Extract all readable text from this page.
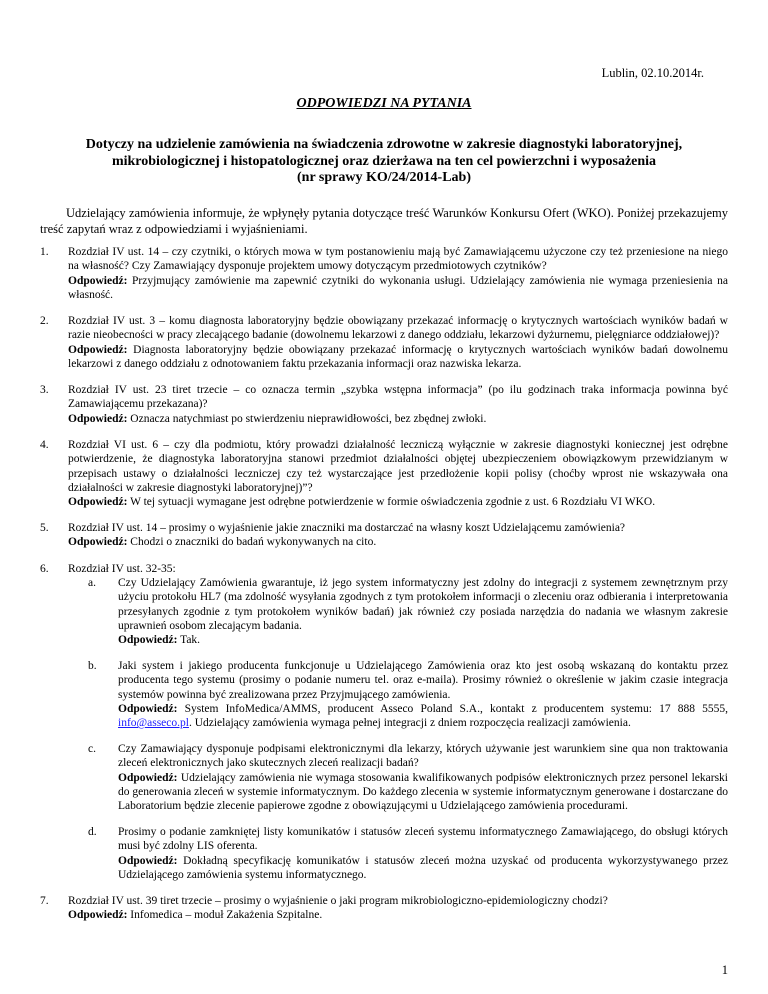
Lublin, 02.10.2014r.
ODPOWIEDZI NA PYTANIA
Dotyczy na udzielenie zamówienia na świadczenia zdrowotne w zakresie diagnostyki laboratoryjnej,
mikrobiologicznej i histopatologicznej oraz dzierżawa na ten cel powierzchni i wyposażenia
(nr sprawy KO/24/2014-Lab)
Udzielający zamówienia informuje, że wpłynęły pytania dotyczące treść Warunków Konkursu Ofert (WKO). Poniżej przekazujemy treść zapytań wraz z odpowiedziami i wyjaśnieniami.
1.	Rozdział IV ust. 14 – czy czytniki, o których mowa w tym postanowieniu mają być Zamawiającemu użyczone czy też przeniesione na niego na własność? Czy Zamawiający dysponuje projektem umowy dotyczącym przedmiotowych czytników?
Odpowiedź: Przyjmujący zamówienie ma zapewnić czytniki do wykonania usługi. Udzielający zamówienia nie wymaga przeniesienia na własność.
2.	Rozdział IV ust. 3 – komu diagnosta laboratoryjny będzie obowiązany przekazać informację o krytycznych wartościach wyników badań w razie nieobecności w pracy zlecającego badanie (dowolnemu lekarzowi z danego oddziału, lekarzowi dyżurnemu, pielęgniarce oddziałowej)?
Odpowiedź: Diagnosta laboratoryjny będzie obowiązany przekazać informację o krytycznych wartościach wyników badań dowolnemu lekarzowi z danego oddziału z odnotowaniem faktu przekazania informacji oraz nazwiska lekarza.
3.	Rozdział IV ust. 23 tiret trzecie – co oznacza termin „szybka wstępna informacja” (po ilu godzinach traka informacja powinna być Zamawiającemu przekazana)?
Odpowiedź: Oznacza natychmiast po stwierdzeniu nieprawidłowości, bez zbędnej zwłoki.
4.	Rozdział VI ust. 6 – czy dla podmiotu, który prowadzi działalność leczniczą wyłącznie w zakresie diagnostyki koniecznej jest odrębne potwierdzenie, że diagnostyka laboratoryjna stanowi przedmiot działalności objętej ubezpieczeniem obowiązkowym przewidzianym w przepisach ustawy o działalności leczniczej czy też wystarczające jest przedłożenie kopii polisy (choćby wprost nie wskazywała ona działalności w zakresie diagnostyki laboratoryjnej)”?
Odpowiedź: W tej sytuacji wymagane jest odrębne potwierdzenie w formie oświadczenia zgodnie z ust. 6 Rozdziału VI WKO.
5.	Rozdział IV ust. 14 – prosimy o wyjaśnienie jakie znaczniki ma dostarczać na własny koszt Udzielającemu zamówienia?
Odpowiedź: Chodzi o znaczniki do badań wykonywanych na cito.
6.	Rozdział IV ust. 32-35:
a.	Czy Udzielający Zamówienia gwarantuje, iż jego system informatyczny jest zdolny do integracji z systemem zewnętrznym przy użyciu protokołu HL7 (ma zdolność wysyłania zgodnych z tym protokołem informacji o zleceniu oraz odbierania i interpretowania przesyłanych zgodnie z tym protokołem wyników badań) jak również czy posiada narzędzia do nadania we własnym zakresie uprawnień osobom zlecającym badania.
Odpowiedź: Tak.
b.	Jaki system i jakiego producenta funkcjonuje u Udzielającego Zamówienia oraz kto jest osobą wskazaną do kontaktu przez producenta tego systemu (prosimy o podanie numeru tel. oraz e-maila). Prosimy również o określenie w jakim czasie integracja systemów powinna być zrealizowana przez Przyjmującego zamówienia.
Odpowiedź: System InfoMedica/AMMS, producent Asseco Poland S.A., kontakt z producentem systemu: 17 888 5555, info@asseco.pl. Udzielający zamówienia wymaga pełnej integracji z dniem rozpoczęcia realizacji zamówienia.
c.	Czy Zamawiający dysponuje podpisami elektronicznymi dla lekarzy, których używanie jest warunkiem sine qua non traktowania zleceń elektronicznych jako skutecznych zleceń realizacji badań?
Odpowiedź: Udzielający zamówienia nie wymaga stosowania kwalifikowanych podpisów elektronicznych przez personel lekarski do generowania zleceń w systemie informatycznym. Do każdego zlecenia w systemie informatycznym generowane i dostarczane do Laboratorium będzie zlecenie papierowe zgodne z obowiązującymi u Udzielającego zamówienia procedurami.
d.	Prosimy o podanie zamkniętej listy komunikatów i statusów zleceń systemu informatycznego Zamawiającego, do obsługi których musi być zdolny LIS oferenta.
Odpowiedź: Dokładną specyfikację komunikatów i statusów zleceń można uzyskać od producenta wykorzystywanego przez Udzielającego zamówienia systemu informatycznego.
7.	Rozdział IV ust. 39 tiret trzecie – prosimy o wyjaśnienie o jaki program mikrobiologiczno-epidemiologiczny chodzi?
Odpowiedź: Infomedica – moduł Zakażenia Szpitalne.
1
